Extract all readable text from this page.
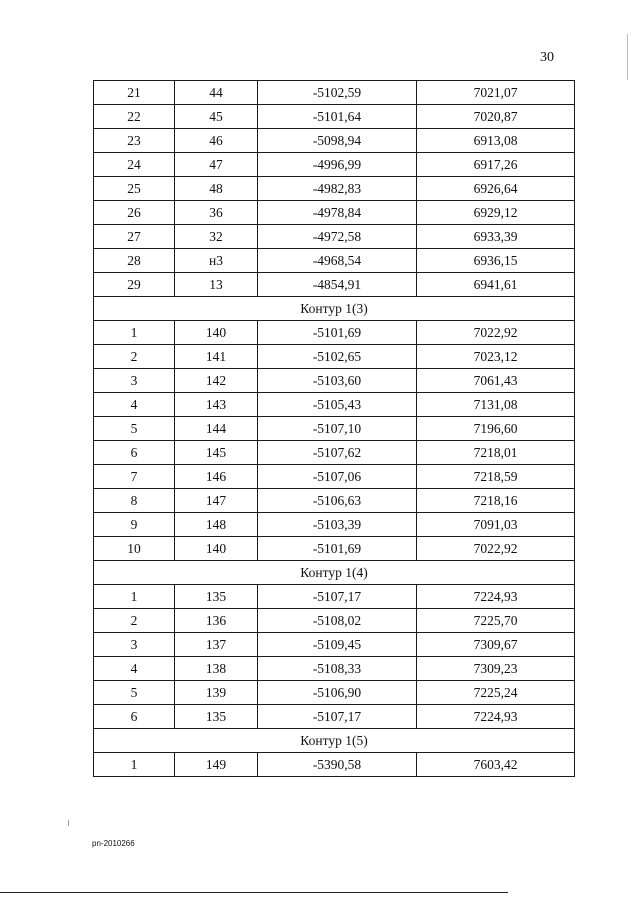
30
21	44	-5102,59	7021,07
22	45	-5101,64	7020,87
23	46	-5098,94	6913,08
24	47	-4996,99	6917,26
25	48	-4982,83	6926,64
26	36	-4978,84	6929,12
27	32	-4972,58	6933,39
28	н3	-4968,54	6936,15
29	13	-4854,91	6941,61
Контур 1(3)			
1	140	-5101,69	7022,92
2	141	-5102,65	7023,12
3	142	-5103,60	7061,43
4	143	-5105,43	7131,08
5	144	-5107,10	7196,60
6	145	-5107,62	7218,01
7	146	-5107,06	7218,59
8	147	-5106,63	7218,16
9	148	-5103,39	7091,03
10	140	-5101,69	7022,92
Контур 1(4)			
1	135	-5107,17	7224,93
2	136	-5108,02	7225,70
3	137	-5109,45	7309,67
4	138	-5108,33	7309,23
5	139	-5106,90	7225,24
6	135	-5107,17	7224,93
Контур 1(5)			
1	149	-5390,58	7603,42
pn-2010266
